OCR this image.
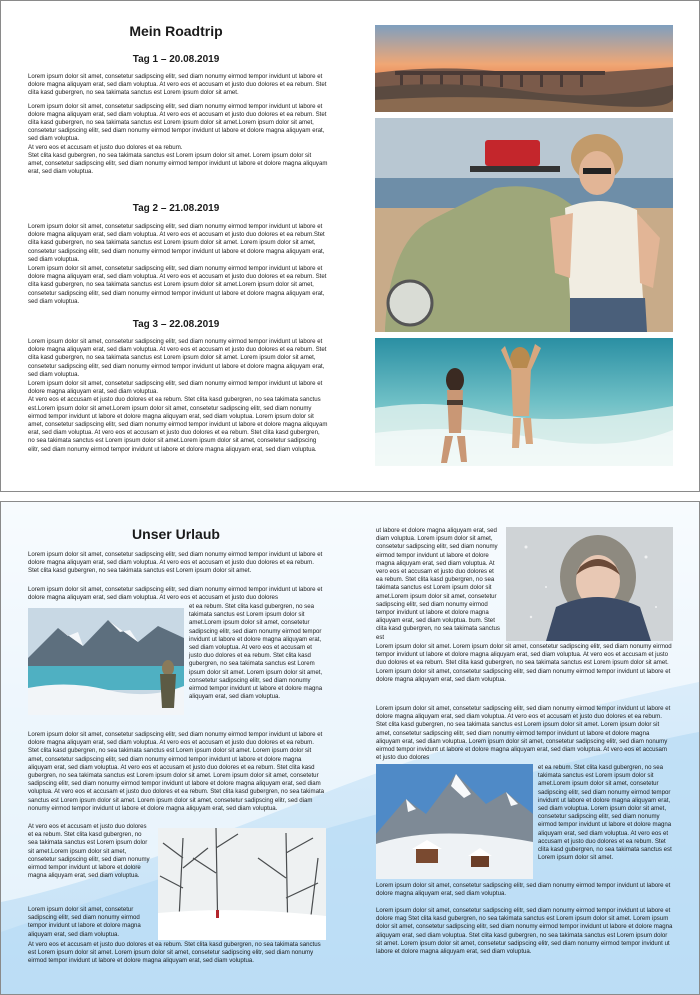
Mein Roadtrip
Tag 1 – 20.08.2019

Lorem ipsum dolor sit amet, consetetur sadipscing elitr, sed diam nonumy eirmod tempor invidunt ut labore et dolore magna aliquyam erat, sed diam voluptua. At vero eos et accusam et justo duo dolores et ea rebum. Stet clita kasd gubergren, no sea takimata sanctus est Lorem ipsum dolor sit amet.

Lorem ipsum dolor sit amet, consetetur sadipscing elitr, sed diam nonumy eirmod tempor invidunt ut labore et dolore magna aliquyam erat, sed diam voluptua. At vero eos et accusam et justo duo dolores et ea rebum. Stet clita kasd gubergren, no sea takimata sanctus est Lorem ipsum dolor sit amet.Lorem ipsum dolor sit amet, consetetur sadipscing elitr, sed diam nonumy eirmod tempor invidunt ut labore et dolore magna aliquyam erat, sed diam voluptua.

At vero eos et accusam et justo duo dolores et ea rebum.

Stet clita kasd gubergren, no sea takimata sanctus est Lorem ipsum dolor sit amet. Lorem ipsum dolor sit amet, consetetur sadipscing elitr, sed diam nonumy eirmod tempor invidunt ut labore et dolore magna aliquyam erat, sed diam voluptua.

Tag 2 – 21.08.2019

Lorem ipsum dolor sit amet, consetetur sadipscing elitr, sed diam nonumy eirmod tempor invidunt ut labore et dolore magna aliquyam erat, sed diam voluptua. At vero eos et accusam et justo duo dolores et ea rebum.Stet clita kasd gubergren, no sea takimata sanctus est Lorem ipsum dolor sit amet. Lorem ipsum dolor sit amet, consetetur sadipscing elitr, sed diam nonumy eirmod tempor invidunt ut labore et dolore magna aliquyam erat, sed diam voluptua.

Lorem ipsum dolor sit amet, consetetur sadipscing elitr, sed diam nonumy eirmod tempor invidunt ut labore et dolore magna aliquyam erat, sed diam voluptua. At vero eos et accusam et justo duo dolores et ea rebum. Stet clita kasd gubergren, no sea takimata sanctus est Lorem ipsum dolor sit amet.Lorem ipsum dolor sit amet, consetetur sadipscing elitr, sed diam nonumy eirmod tempor invidunt ut labore et dolore magna aliquyam erat, sed diam voluptua.

Tag 3 – 22.08.2019

Lorem ipsum dolor sit amet, consetetur sadipscing elitr, sed diam nonumy eirmod tempor invidunt ut labore et dolore magna aliquyam erat, sed diam voluptua. At vero eos et accusam et justo duo dolores et ea rebum. Stet clita kasd gubergren, no sea takimata sanctus est Lorem ipsum dolor sit amet. Lorem ipsum dolor sit amet, consetetur sadipscing elitr, sed diam nonumy eirmod tempor invidunt ut labore et dolore magna aliquyam erat, sed diam voluptua.

Lorem ipsum dolor sit amet, consetetur sadipscing elitr, sed diam nonumy eirmod tempor invidunt ut labore et dolore magna aliquyam erat, sed diam voluptua.

At vero eos et accusam et justo duo dolores et ea rebum. Stet clita kasd gubergren, no sea takimata sanctus est.Lorem ipsum dolor sit amet.Lorem ipsum dolor sit amet, consetetur sadipscing elitr, sed diam nonumy eirmod tempor invidunt ut labore et dolore magna aliquyam erat, sed diam voluptua. Lorem ipsum dolor sit amet, consetetur sadipscing elitr, sed diam nonumy eirmod tempor invidunt ut labore et dolore magna aliquyam erat, sed diam voluptua. At vero eos et accusam et justo duo dolores et ea rebum. Stet clita kasd gubergren, no sea takimata sanctus est Lorem ipsum dolor sit amet.Lorem ipsum dolor sit amet, consetetur sadipscing elitr, sed diam nonumy eirmod tempor invidunt ut labore et dolore magna aliquyam erat, sed diam voluptua.

Unser Urlaub
Lorem ipsum dolor sit amet, consetetur sadipscing elitr, sed diam nonumy eirmod tempor invidunt ut labore et dolore magna aliquyam erat, sed diam voluptua. At vero eos et accusam et justo duo dolores et ea rebum. Stet clita kasd gubergren, no sea takimata sanctus est Lorem ipsum dolor sit amet.
Lorem ipsum dolor sit amet, consetetur sadipscing elitr, sed diam nonumy eirmod tempor invidunt ut labore et dolore magna aliquyam erat, sed diam voluptua. At vero eos et accusam et justo duo dolores
et ea rebum. Stet clita kasd gubergren, no sea takimata sanctus est Lorem ipsum dolor sit amet.Lorem ipsum dolor sit amet, consetetur sadipscing elitr, sed diam nonumy eirmod tempor invidunt ut labore et dolore magna aliquyam erat, sed diam voluptua. At vero eos et accusam et justo duo dolores et ea rebum. Stet clita kasd gubergren, no sea takimata sanctus est Lorem ipsum dolor sit amet. Lorem ipsum dolor sit amet, consetetur sadipscing elitr, sed diam nonumy eirmod tempor invidunt ut labore et dolore magna aliquyam erat, sed diam voluptua.
Lorem ipsum dolor sit amet, consetetur sadipscing elitr, sed diam nonumy eirmod tempor invidunt ut labore et dolore magna aliquyam erat, sed diam voluptua. At vero eos et accusam et justo duo dolores et ea rebum. Stet clita kasd gubergren, no sea takimata sanctus est Lorem ipsum dolor sit amet. Lorem ipsum dolor sit amet, consetetur sadipscing elitr, sed diam nonumy eirmod tempor invidunt ut labore et dolore magna aliquyam erat, sed diam voluptua. At vero eos et accusam et justo duo dolores et ea rebum. Stet clita kasd gubergren, no sea takimata sanctus est Lorem ipsum dolor sit amet. Lorem ipsum dolor sit amet, consetetur sadipscing elitr, sed diam nonumy eirmod tempor invidunt ut labore et dolore magna aliquyam erat, sed diam voluptua. At vero eos et accusam et justo duo dolores et ea rebum. Stet clita kasd gubergren, no sea takimata sanctus est Lorem ipsum dolor sit amet. Lorem ipsum dolor sit amet, consetetur sadipscing elitr, sed diam nonumy eirmod tempor invidunt ut labore et dolore magna aliquyam erat, sed diam voluptua.
At vero eos et accusam et justo duo dolores et ea rebum. Stet clita kasd gubergren, no sea takimata sanctus est Lorem ipsum dolor sit amet.Lorem ipsum dolor sit amet, consetetur sadipscing elitr, sed diam nonumy eirmod tempor invidunt ut labore et dolore magna aliquyam erat, sed diam voluptua.
Lorem ipsum dolor sit amet, consetetur sadipscing elitr, sed diam nonumy eirmod tempor invidunt ut labore et dolore magna aliquyam erat, sed diam voluptua.
At vero eos et accusam et justo duo dolores et ea rebum. Stet clita kasd gubergren, no sea takimata sanctus est Lorem ipsum dolor sit amet. Lorem ipsum dolor sit amet, consetetur sadipscing elitr, sed diam nonumy eirmod tempor invidunt ut labore et dolore magna aliquyam erat, sed diam voluptua.
ut labore et dolore magna aliquyam erat, sed diam voluptua. Lorem ipsum dolor sit amet, consetetur sadipscing elitr, sed diam nonumy eirmod tempor invidunt ut labore et dolore magna aliquyam erat, sed diam voluptua. At vero eos et accusam et justo duo dolores et ea rebum. Stet clita kasd gubergren, no sea takimata sanctus est Lorem ipsum dolor sit amet.Lorem ipsum dolor sit amet, consetetur sadipscing elitr, sed diam nonumy eirmod tempor invidunt ut labore et dolore magna aliquyam erat, sed diam voluptua. bum. Stet clita kasd gubergren, no sea takimata sanctus est
Lorem ipsum dolor sit amet. Lorem ipsum dolor sit amet, consetetur sadipscing elitr, sed diam nonumy eirmod tempor invidunt ut labore et dolore magna aliquyam erat, sed diam voluptua. At vero eos et accusam et justo duo dolores et ea rebum. Stet clita kasd gubergren, no sea takimata sanctus est Lorem ipsum dolor sit amet. Lorem ipsum dolor sit amet, consetetur sadipscing elitr, sed diam nonumy eirmod tempor invidunt ut labore et dolore magna aliquyam erat, sed diam voluptua.
Lorem ipsum dolor sit amet, consetetur sadipscing elitr, sed diam nonumy eirmod tempor invidunt ut labore et dolore magna aliquyam erat, sed diam voluptua. At vero eos et accusam et justo duo dolores et ea rebum. Stet clita kasd gubergren, no sea takimata sanctus est Lorem ipsum dolor sit amet. Lorem ipsum dolor sit amet, consetetur sadipscing elitr, sed diam nonumy eirmod tempor invidunt ut labore et dolore magna aliquyam erat, sed diam voluptua. Lorem ipsum dolor sit amet, consetetur sadipscing elitr, sed diam nonumy eirmod tempor invidunt ut labore et dolore magna aliquyam erat, sed diam voluptua. At vero eos et accusam et justo duo dolores
et ea rebum. Stet clita kasd gubergren, no sea takimata sanctus est Lorem ipsum dolor sit amet.Lorem ipsum dolor sit amet, consetetur sadipscing elitr, sed diam nonumy eirmod tempor invidunt ut labore et dolore magna aliquyam erat, sed diam voluptua. Lorem ipsum dolor sit amet, consetetur sadipscing elitr, sed diam nonumy eirmod tempor invidunt ut labore et dolore magna aliquyam erat, sed diam voluptua. At vero eos et accusam et justo duo dolores et ea rebum. Stet clita kasd gubergren, no sea takimata sanctus est Lorem ipsum dolor sit amet.
Lorem ipsum dolor sit amet, consetetur sadipscing elitr, sed diam nonumy eirmod tempor invidunt ut labore et dolore magna aliquyam erat, sed diam voluptua.
Lorem ipsum dolor sit amet, consetetur sadipscing elitr, sed diam nonumy eirmod tempor invidunt ut labore et dolore mag Stet clita kasd gubergren, no sea takimata sanctus est Lorem ipsum dolor sit amet. Lorem ipsum dolor sit amet, consetetur sadipscing elitr, sed diam nonumy eirmod tempor invidunt ut labore et dolore magna aliquyam erat, sed diam voluptua. Stet clita kasd gubergren, no sea takimata sanctus est Lorem ipsum dolor sit amet. Lorem ipsum dolor sit amet, consetetur sadipscing elitr, sed diam nonumy eirmod tempor invidunt ut labore et dolore magna aliquyam erat, sed diam voluptua.
